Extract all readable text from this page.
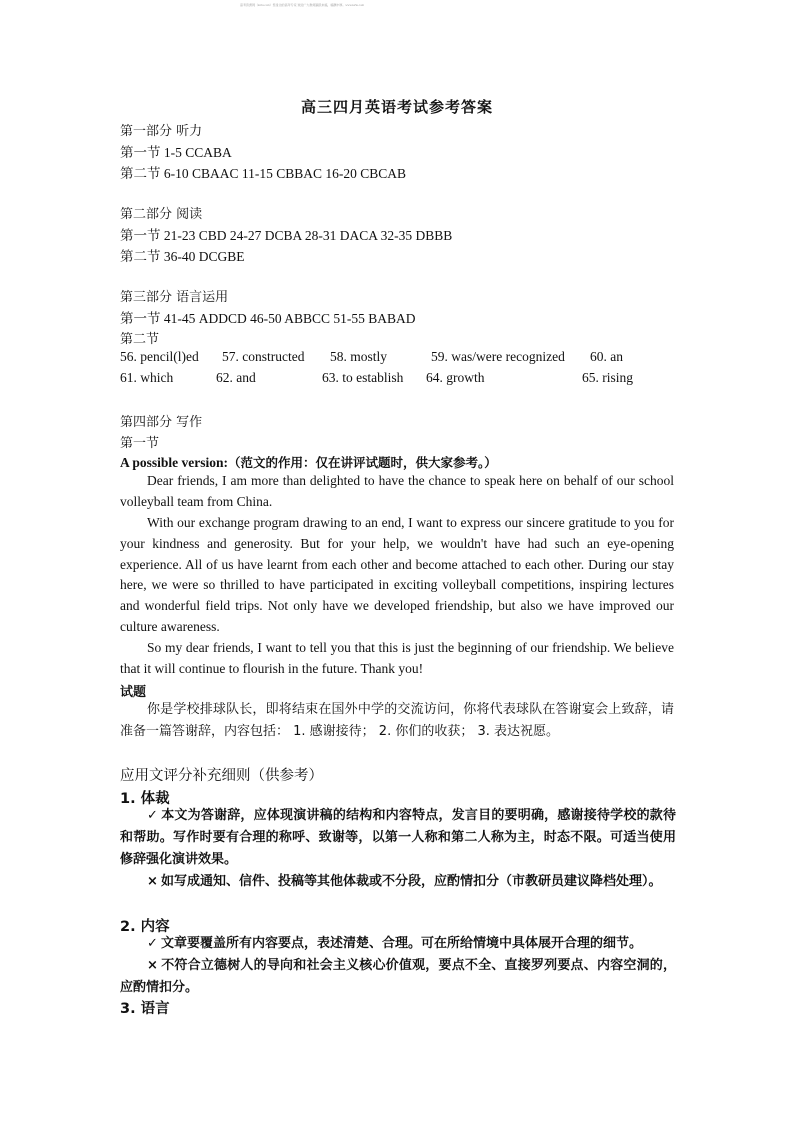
高考资源网（ks5u.com）您身边的高考专家 欢迎广大教师踊跃来稿，稿酬丰厚。www.ks5u.com
高三四月英语考试参考答案
第一部分 听力
第一节 1-5 CCABA
第二节 6-10 CBAAC 11-15 CBBAC 16-20 CBCAB
第二部分 阅读
第一节 21-23 CBD 24-27 DCBA 28-31 DACA 32-35 DBBB
第二节 36-40 DCGBE
第三部分 语言运用
第一节 41-45 ADDCD 46-50 ABBCC 51-55 BABAD
第二节
56. pencil(l)ed 57. constructed 58. mostly	59. was/were recognized 60. an
61. which	62. and	63. to establish 64. growth	65. rising
第四部分 写作
第一节
A possible version:（范文的作用：仅在讲评试题时，供大家参考。）
Dear friends, I am more than delighted to have the chance to speak here on behalf of our school volleyball team from China.
With our exchange program drawing to an end, I want to express our sincere gratitude to you for your kindness and generosity. But for your help, we wouldn't have had such an eye-opening experience. All of us have learnt from each other and become attached to each other. During our stay here, we were so thrilled to have participated in exciting volleyball competitions, inspiring lectures and wonderful field trips. Not only have we developed friendship, but also we have improved our culture awareness.
So my dear friends, I want to tell you that this is just the beginning of our friendship. We believe that it will continue to flourish in the future. Thank you!
试题
你是学校排球队长，即将结束在国外中学的交流访问，你将代表球队在答谢宴会上致辞，请准备一篇答谢辞，内容包括： 1. 感谢接待； 2. 你们的收获； 3. 表达祝愿。
应用文评分补充细则（供参考）
1. 体裁
✓ 本文为答谢辞，应体现演讲稿的结构和内容特点，发言目的要明确，感谢接待学校的款待和帮助。写作时要有合理的称呼、致谢等，以第一人称和第二人称为主，时态不限。可适当使用修辞强化演讲效果。
× 如写成通知、信件、投稿等其他体裁或不分段，应酌情扣分（市教研员建议降档处理）。
2. 内容
✓ 文章要覆盖所有内容要点，表述清楚、合理。可在所给情境中具体展开合理的细节。
× 不符合立德树人的导向和社会主义核心价值观，要点不全、直接罗列要点、内容空洞的，应酌情扣分。
3. 语言
